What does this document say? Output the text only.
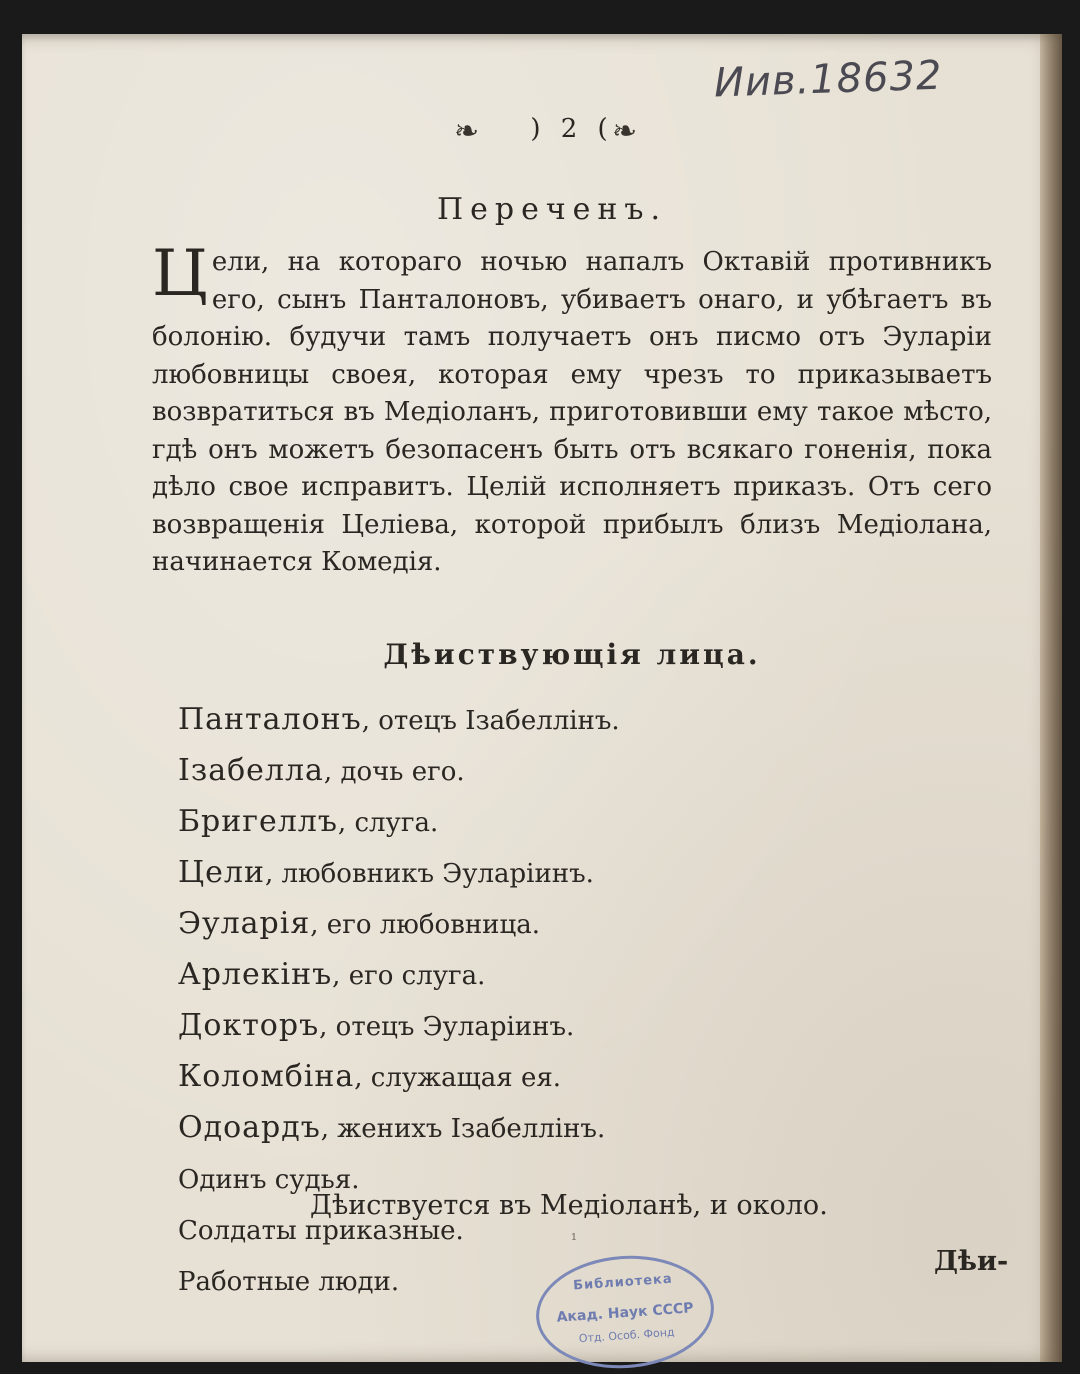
Иив.18632
❧	) 2 (
❧
Переченъ.
Ц ели, на котораго ночью напалъ Октавій противникъ его, сынъ Панталоновъ, убиваетъ онаго, и убѣгаетъ въ болонію. будучи тамъ получаетъ онъ писмо отъ Эуларіи любовницы своея, которая ему чрезъ то приказываетъ возвратиться въ Медіоланъ, приготовивши ему такое мѣсто, гдѣ онъ можетъ безопасенъ быть отъ всякаго гоненія, пока дѣло свое исправитъ. Целій исполняетъ приказъ. Отъ сего возвращенія Целіева, которой прибылъ близъ Медіолана, начинается Комедія.

Дѣиствующія лица.
Панталонъ, отецъ Ізабеллінъ.
Ізабелла, дочь его.
Бригеллъ, слуга.
Цели, любовникъ Эуларіинъ.
Эуларія, его любовница.
Арлекінъ, его слуга.
Докторъ, отецъ Эуларіинъ.
Коломбіна, служащая ея.
Одоардъ, женихъ Ізабеллінъ.
Одинъ судья.
Солдаты приказные.
Работные люди.
Дѣиствуется въ Медіоланѣ, и около.
¹
Библиотека
Акад. Наук СССР
Отд. Особ. Фонд
Дѣи-
